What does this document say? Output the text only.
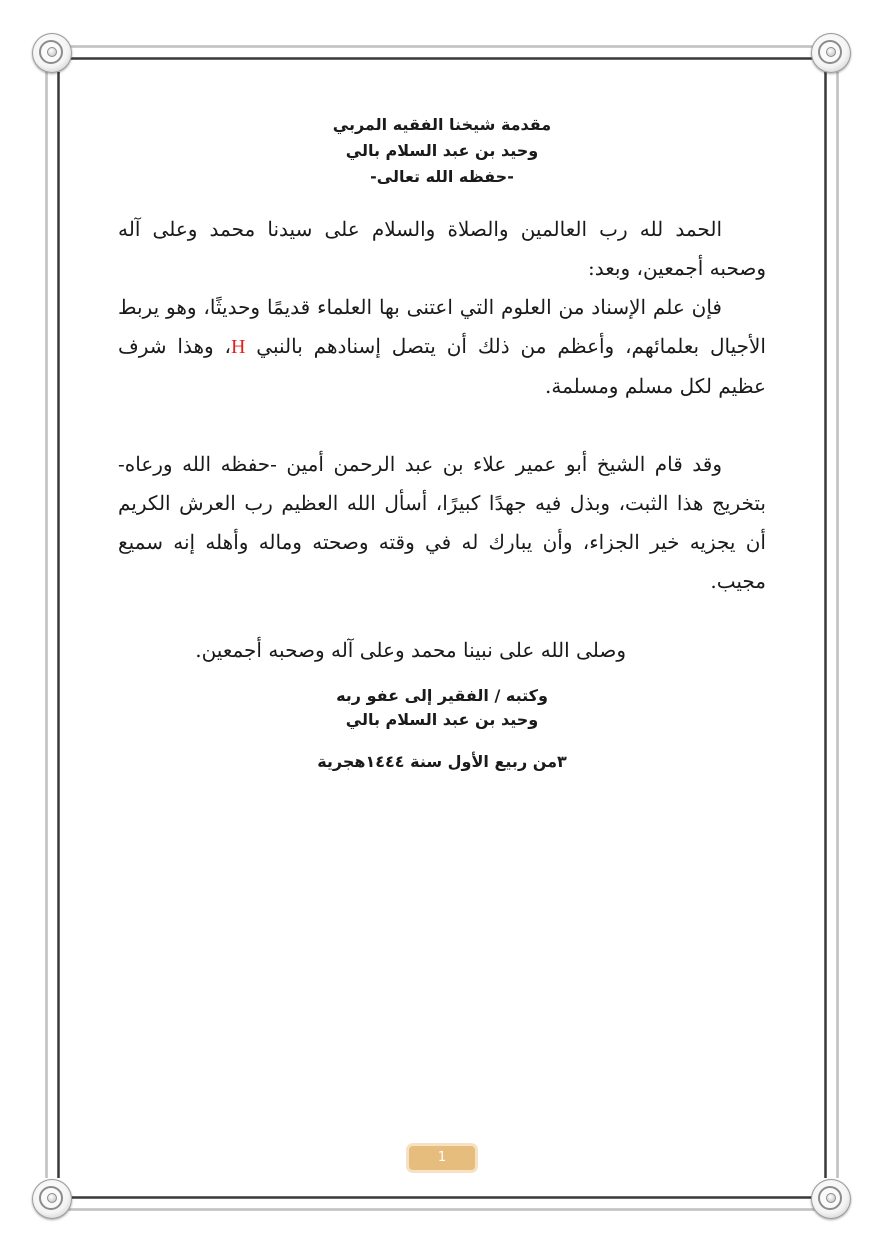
مقدمة شيخنا الفقيه المربي

وحيد بن عبد السلام بالي

-حفظه الله تعالى-

الحمد لله رب العالمين والصلاة والسلام على سيدنا محمد وعلى آله وصحبه أجمعين، وبعد:

فإن علم الإسناد من العلوم التي اعتنى بها العلماء قديمًا وحديثًا، وهو يربط الأجيال بعلمائهم، وأعظم من ذلك أن يتصل إسنادهم بالنبي H، وهذا شرف عظيم لكل مسلم ومسلمة.

وقد قام الشيخ أبو عمير علاء بن عبد الرحمن أمين -حفظه الله ورعاه- بتخريج هذا الثبت، وبذل فيه جهدًا كبيرًا، أسأل الله العظيم رب العرش الكريم أن يجزيه خير الجزاء، وأن يبارك له في وقته وصحته وماله وأهله إنه سميع مجيب.

وصلى الله على نبينا محمد وعلى آله وصحبه أجمعين.

وكتبه / الفقير إلى عفو ربه

وحيد بن عبد السلام بالي

٣من ربيع الأول سنة ١٤٤٤هجرية

1
